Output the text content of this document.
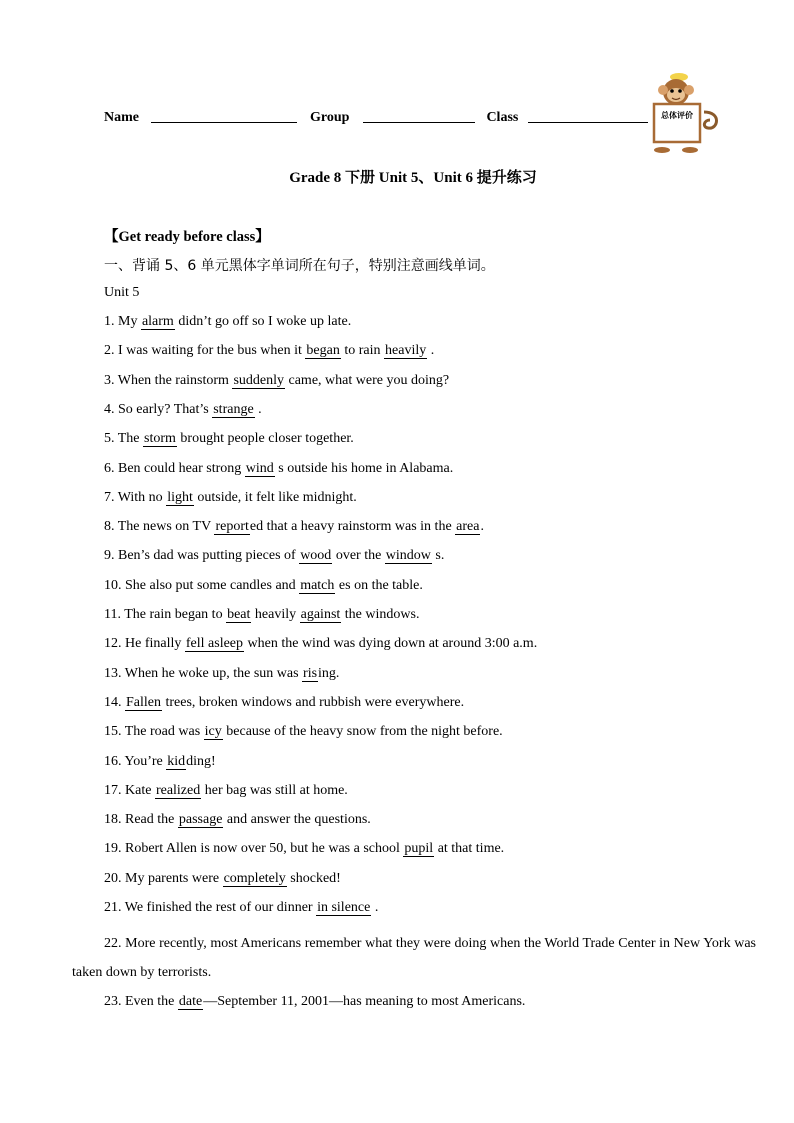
Name	Group	Class	总体评价
Grade 8 下册 Unit 5、Unit 6 提升练习
【Get ready before class】
一、背诵 5、6 单元黑体字单词所在句子，特别注意画线单词。
Unit 5
1. My alarm didn’t go off so I woke up late.
2. I was waiting for the bus when it began to rain heavily .
3. When the rainstorm suddenly came, what were you doing?
4. So early? That’s strange .
5. The storm brought people closer together.
6. Ben could hear strong wind s outside his home in Alabama.
7. With no light outside, it felt like midnight.
8. The news on TV reported that a heavy rainstorm was in the area.
9. Ben’s dad was putting pieces of wood over the window s.
10. She also put some candles and match es on the table.
11. The rain began to beat heavily against the windows.
12. He finally fell asleep when the wind was dying down at around 3:00 a.m.
13. When he woke up, the sun was rising.
14. Fallen trees, broken windows and rubbish were everywhere.
15. The road was icy because of the heavy snow from the night before.
16. You’re kidding!
17. Kate realized her bag was still at home.
18. Read the passage and answer the questions.
19. Robert Allen is now over 50, but he was a school pupil at that time.
20. My parents were completely shocked!
21. We finished the rest of our dinner in silence .
22. More recently, most Americans remember what they were doing when the World Trade Center in New York was taken down by terrorists.
23. Even the date—September 11, 2001—has meaning to most Americans.
